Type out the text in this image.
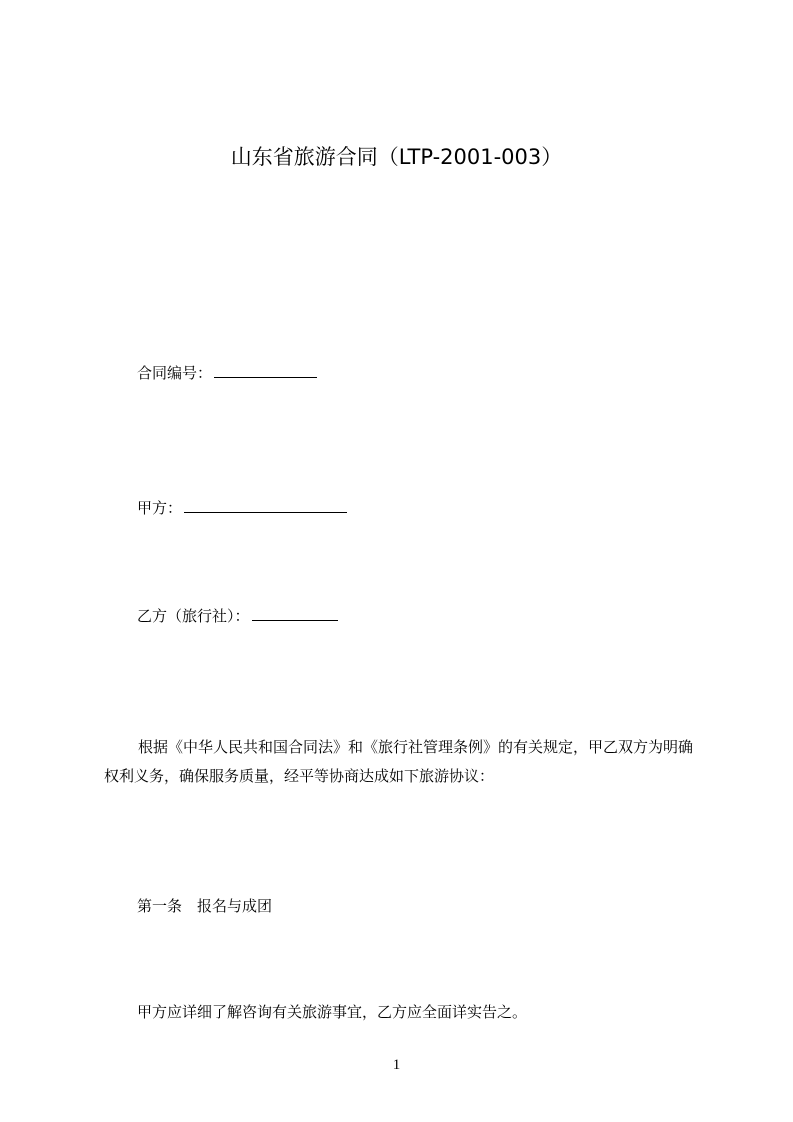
山东省旅游合同（LTP-2001-003）
合同编号：
甲方：
乙方（旅行社）：
根据《中华人民共和国合同法》和《旅行社管理条例》的有关规定，甲乙双方为明确权利义务，确保服务质量，经平等协商达成如下旅游协议：
第一条　报名与成团
甲方应详细了解咨询有关旅游事宜，乙方应全面详实告之。
1
